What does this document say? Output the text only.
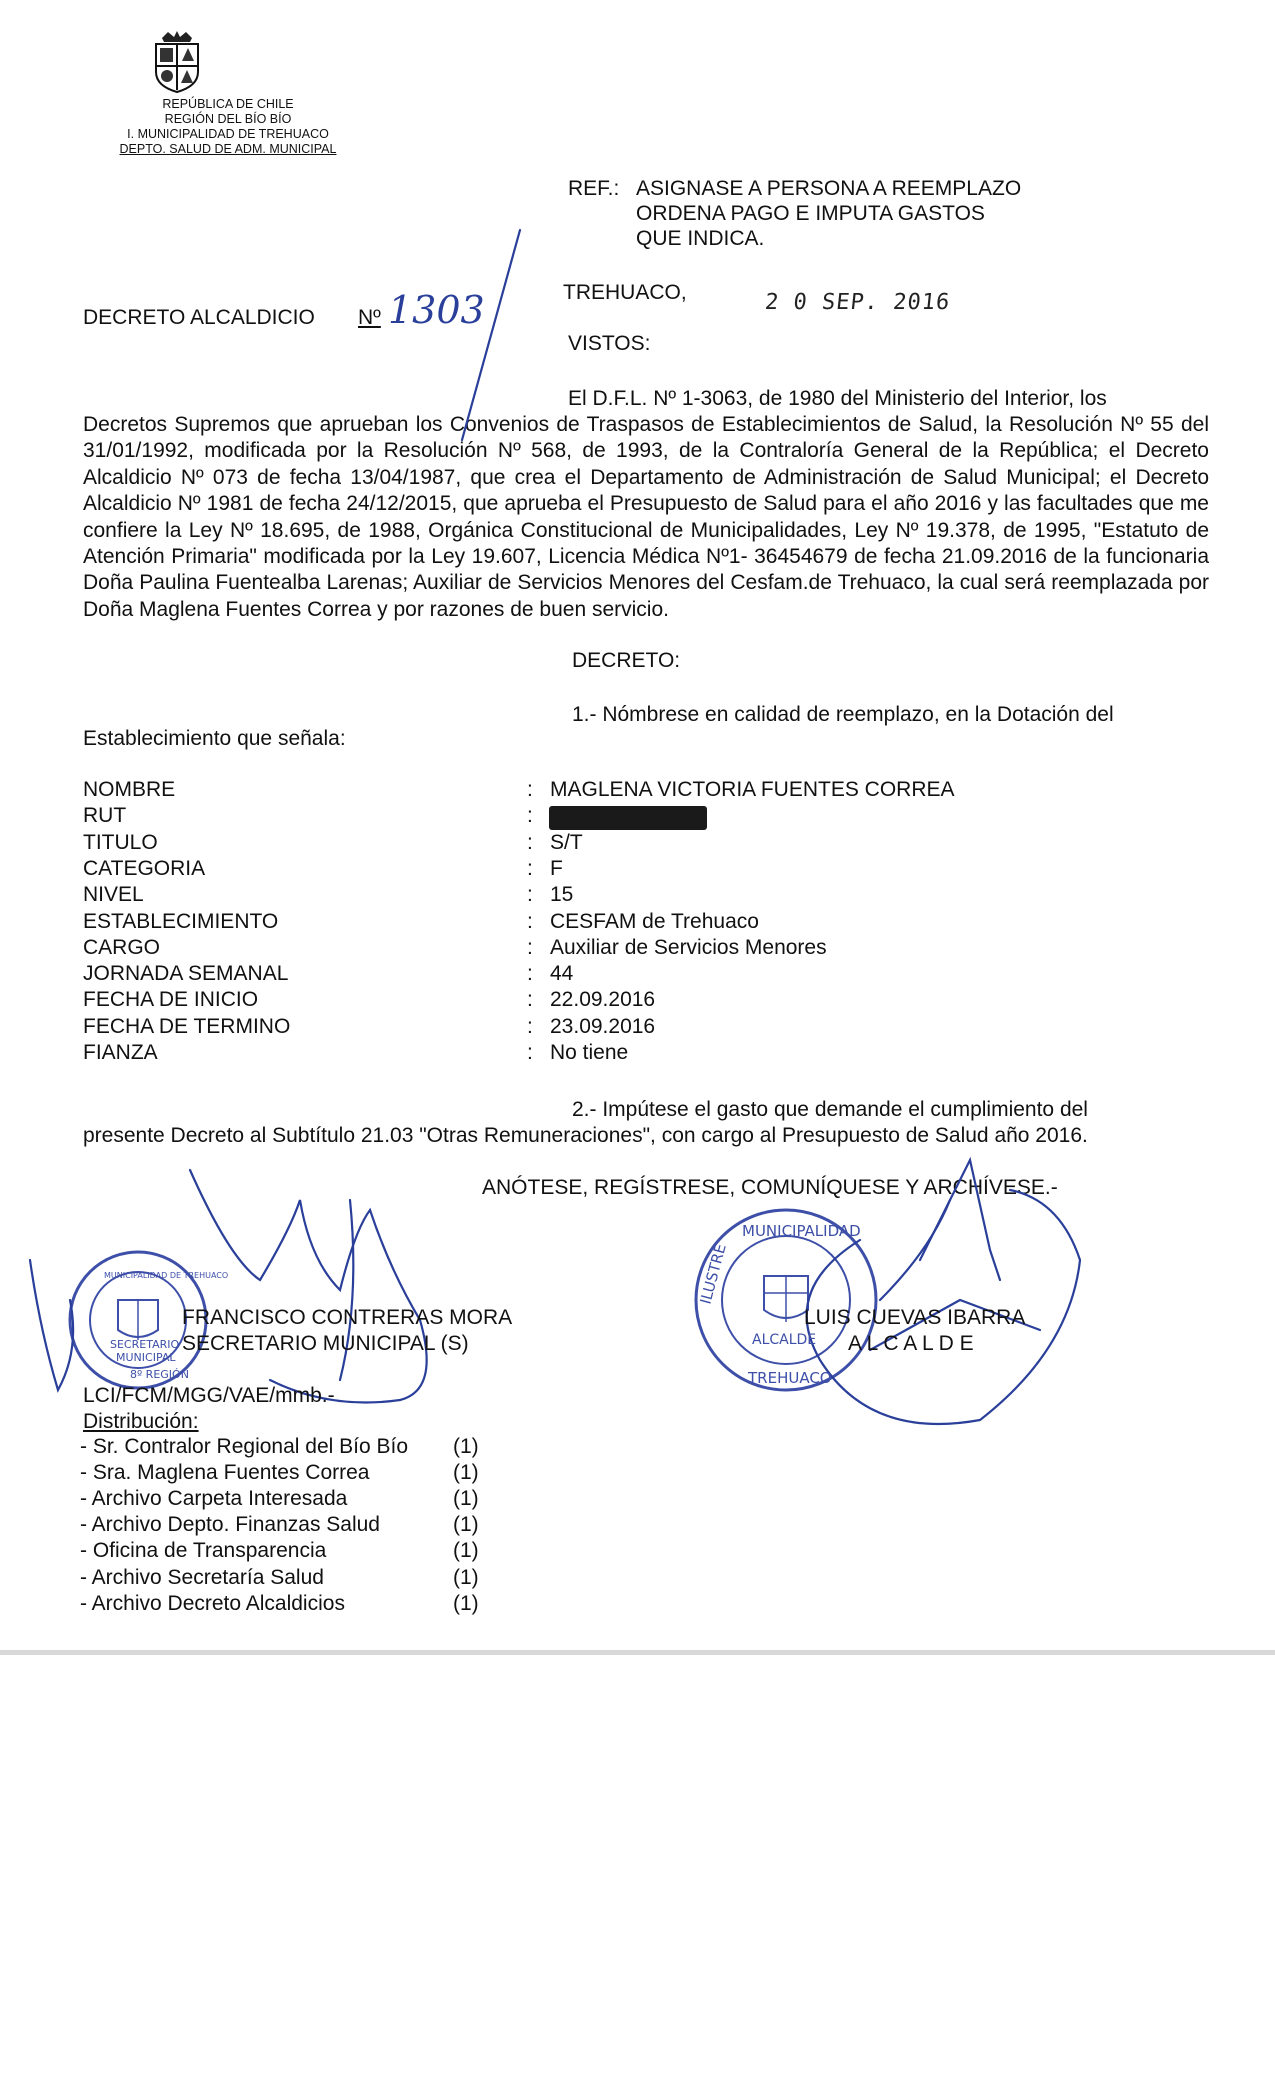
REPÚBLICA DE CHILE
REGIÓN DEL BÍO BÍO
I. MUNICIPALIDAD DE TREHUACO
DEPTO. SALUD DE ADM. MUNICIPAL
REF.: ASIGNASE A PERSONA A REEMPLAZO
ORDENA PAGO E IMPUTA GASTOS
QUE INDICA.
DECRETO ALCALDICIO Nº 1303	TREHUACO,	2 0 SEP. 2016
VISTOS:
El D.F.L. Nº 1-3063, de 1980 del Ministerio del Interior, los
Decretos Supremos que aprueban los Convenios de Traspasos de Establecimientos de Salud, la Resolución Nº 55 del 31/01/1992, modificada por la Resolución Nº 568, de 1993, de la Contraloría General de la República; el Decreto Alcaldicio Nº 073 de fecha 13/04/1987, que crea el Departamento de Administración de Salud Municipal; el Decreto Alcaldicio Nº 1981 de fecha 24/12/2015, que aprueba el Presupuesto de Salud para el año 2016 y las facultades que me confiere la Ley Nº 18.695, de 1988, Orgánica Constitucional de Municipalidades, Ley Nº 19.378, de 1995, "Estatuto de Atención Primaria" modificada por la Ley 19.607, Licencia Médica Nº1- 36454679 de fecha 21.09.2016 de la funcionaria Doña Paulina Fuentealba Larenas; Auxiliar de Servicios Menores del Cesfam.de Trehuaco, la cual será reemplazada por Doña Maglena Fuentes Correa y por razones de buen servicio.
DECRETO:
1.- Nómbrese en calidad de reemplazo, en la Dotación del
Establecimiento que señala:
NOMBRE	: MAGLENA VICTORIA FUENTES CORREA
RUT	:
TITULO	: S/T
CATEGORIA	: F
NIVEL	: 15
ESTABLECIMIENTO	: CESFAM de Trehuaco
CARGO	: Auxiliar de Servicios Menores
JORNADA SEMANAL	: 44
FECHA DE INICIO	: 22.09.2016
FECHA DE TERMINO	: 23.09.2016
FIANZA	: No tiene
2.- Impútese el gasto que demande el cumplimiento del
presente Decreto al Subtítulo 21.03 "Otras Remuneraciones", con cargo al Presupuesto de Salud año 2016.
ANÓTESE, REGÍSTRESE, COMUNÍQUESE Y ARCHÍVESE.-
MUNICIPALIDAD DE TREHUACO
SECRETARIO
MUNICIPAL
8º REGIÓN
MUNICIPALIDAD
ILUSTRE
TREHUACO
ALCALDE
FRANCISCO CONTRERAS MORA
SECRETARIO MUNICIPAL (S)
LUIS CUEVAS IBARRA
A L C A L D E
LCI/FCM/MGG/VAE/mmb.-
Distribución:
- Sr. Contralor Regional del Bío Bío (1)
- Sra. Maglena Fuentes Correa	(1)
- Archivo Carpeta Interesada	(1)
- Archivo Depto. Finanzas Salud	(1)
- Oficina de Transparencia	(1)
- Archivo Secretaría Salud	(1)
- Archivo Decreto Alcaldicios	(1)
